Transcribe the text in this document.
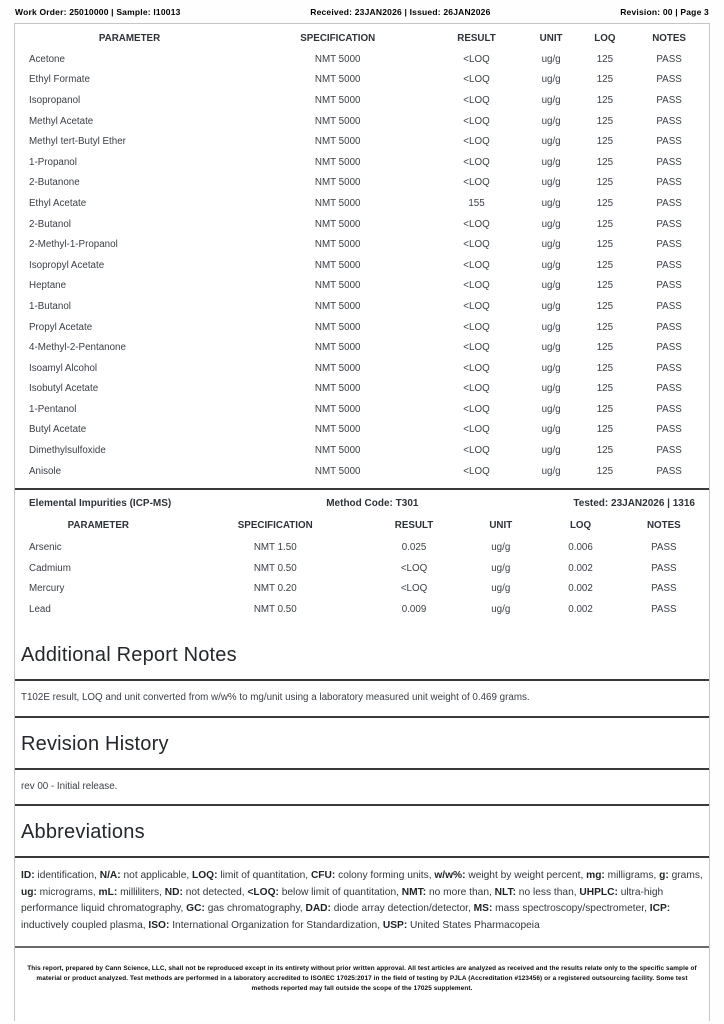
Work Order: 25010000 | Sample: I10013	Received: 23JAN2026 | Issued: 26JAN2026	Revision: 00 | Page 3
PARAMETER	SPECIFICATION	RESULT	UNIT	LOQ	NOTES
Acetone	NMT 5000	<LOQ	ug/g	125	PASS
Ethyl Formate	NMT 5000	<LOQ	ug/g	125	PASS
Isopropanol	NMT 5000	<LOQ	ug/g	125	PASS
Methyl Acetate	NMT 5000	<LOQ	ug/g	125	PASS
Methyl tert-Butyl Ether	NMT 5000	<LOQ	ug/g	125	PASS
1-Propanol	NMT 5000	<LOQ	ug/g	125	PASS
2-Butanone	NMT 5000	<LOQ	ug/g	125	PASS
Ethyl Acetate	NMT 5000	155	ug/g	125	PASS
2-Butanol	NMT 5000	<LOQ	ug/g	125	PASS
2-Methyl-1-Propanol	NMT 5000	<LOQ	ug/g	125	PASS
Isopropyl Acetate	NMT 5000	<LOQ	ug/g	125	PASS
Heptane	NMT 5000	<LOQ	ug/g	125	PASS
1-Butanol	NMT 5000	<LOQ	ug/g	125	PASS
Propyl Acetate	NMT 5000	<LOQ	ug/g	125	PASS
4-Methyl-2-Pentanone	NMT 5000	<LOQ	ug/g	125	PASS
Isoamyl Alcohol	NMT 5000	<LOQ	ug/g	125	PASS
Isobutyl Acetate	NMT 5000	<LOQ	ug/g	125	PASS
1-Pentanol	NMT 5000	<LOQ	ug/g	125	PASS
Butyl Acetate	NMT 5000	<LOQ	ug/g	125	PASS
Dimethylsulfoxide	NMT 5000	<LOQ	ug/g	125	PASS
Anisole	NMT 5000	<LOQ	ug/g	125	PASS
Elemental Impurities (ICP-MS)	Method Code: T301	Tested: 23JAN2026 | 1316
PARAMETER	SPECIFICATION	RESULT	UNIT	LOQ	NOTES
Arsenic	NMT 1.50	0.025	ug/g	0.006	PASS
Cadmium	NMT 0.50	<LOQ	ug/g	0.002	PASS
Mercury	NMT 0.20	<LOQ	ug/g	0.002	PASS
Lead	NMT 0.50	0.009	ug/g	0.002	PASS
Additional Report Notes
T102E result, LOQ and unit converted from w/w% to mg/unit using a laboratory measured unit weight of 0.469 grams.
Revision History
rev 00 - Initial release.
Abbreviations
ID: identification, N/A: not applicable, LOQ: limit of quantitation, CFU: colony forming units, w/w%: weight by weight percent, mg: milligrams, g: grams, ug: micrograms, mL: milliliters, ND: not detected, <LOQ: below limit of quantitation, NMT: no more than, NLT: no less than, UHPLC: ultra-high performance liquid chromatography, GC: gas chromatography, DAD: diode array detection/detector, MS: mass spectroscopy/spectrometer, ICP: inductively coupled plasma, ISO: International Organization for Standardization, USP: United States Pharmacopeia
This report, prepared by Cann Science, LLC, shall not be reproduced except in its entirety without prior written approval. All test articles are analyzed as received and the results relate only to the specific sample of material or product analyzed. Test methods are performed in a laboratory accredited to ISO/IEC 17025:2017 in the field of testing by PJLA (Accreditation #123456) or a registered outsourcing facility. Some test methods reported may fall outside the scope of the 17025 supplement.
